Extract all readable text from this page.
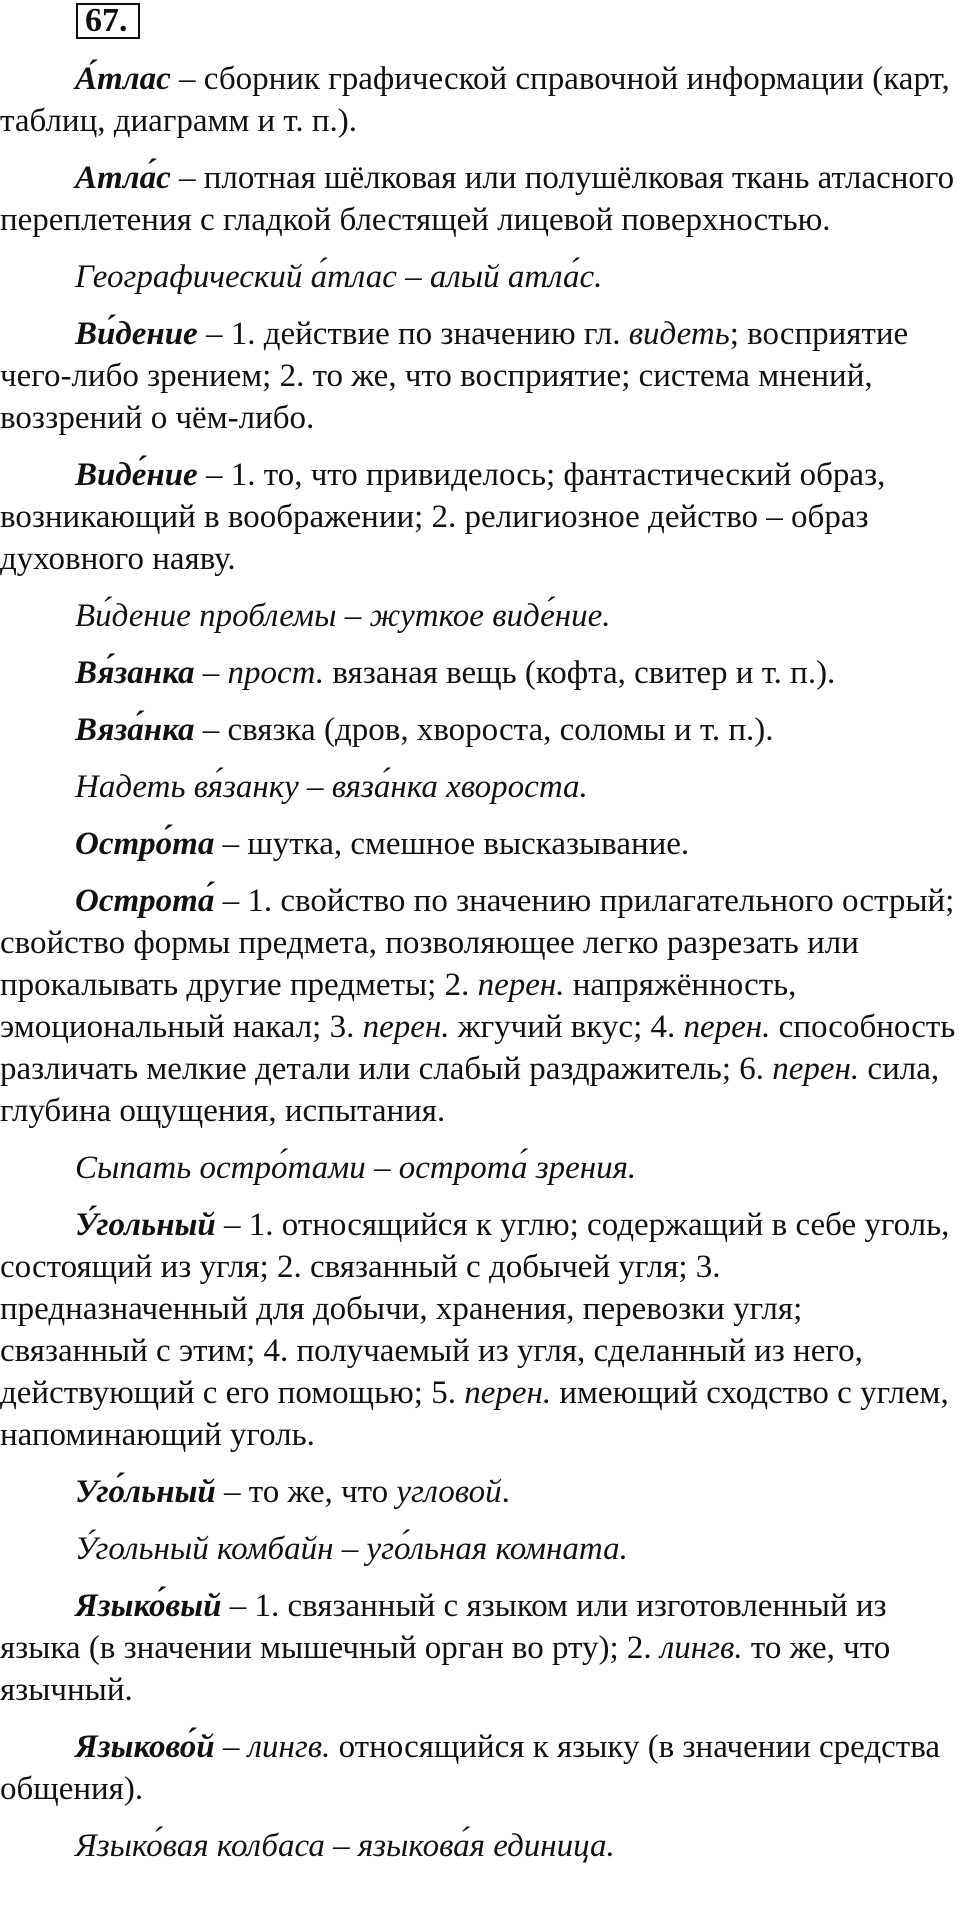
67.

А́тлас – сборник графической справочной информации (карт, таблиц, диаграмм и т. п.).

Атла́с – плотная шёлковая или полушёлковая ткань атласного переплетения с гладкой блестящей лицевой поверхностью.

Географический а́тлас – алый атла́с.

Ви́дение – 1. действие по значению гл. видеть; восприятие чего-либо зрением; 2. то же, что восприятие; система мнений, воззрений о чём-либо.

Виде́ние – 1. то, что привиделось; фантастический образ, возникающий в воображении; 2. религиозное действо – образ духовного наяву.

Ви́дение проблемы – жуткое виде́ние.

Вя́занка – прост. вязаная вещь (кофта, свитер и т. п.).

Вяза́нка – связка (дров, хвороста, соломы и т. п.).

Надеть вя́занку – вяза́нка хвороста.

Остро́та – шутка, смешное высказывание.

Острота́ – 1. свойство по значению прилагательного острый; свойство формы предмета, позволяющее легко разрезать или прокалывать другие предметы; 2. перен. напряжённость, эмоциональный накал; 3. перен. жгучий вкус; 4. перен. способность различать мелкие детали или слабый раздражитель; 6. перен. сила, глубина ощущения, испытания.

Сыпать остро́тами – острота́ зрения.

У́гольный – 1. относящийся к углю; содержащий в себе уголь, состоящий из угля; 2. связанный с добычей угля; 3. предназначенный для добычи, хранения, перевозки угля; связанный с этим; 4. получаемый из угля, сделанный из него, действующий с его помощью; 5. перен. имеющий сходство с углем, напоминающий уголь.

Уго́льный – то же, что угловой.

У́гольный комбайн – уго́льная комната.

Языко́вый – 1. связанный с языком или изготовленный из языка (в значении мышечный орган во рту); 2. лингв. то же, что язычный.

Языково́й – лингв. относящийся к языку (в значении средства общения).

Языко́вая колбаса – языкова́я единица.
